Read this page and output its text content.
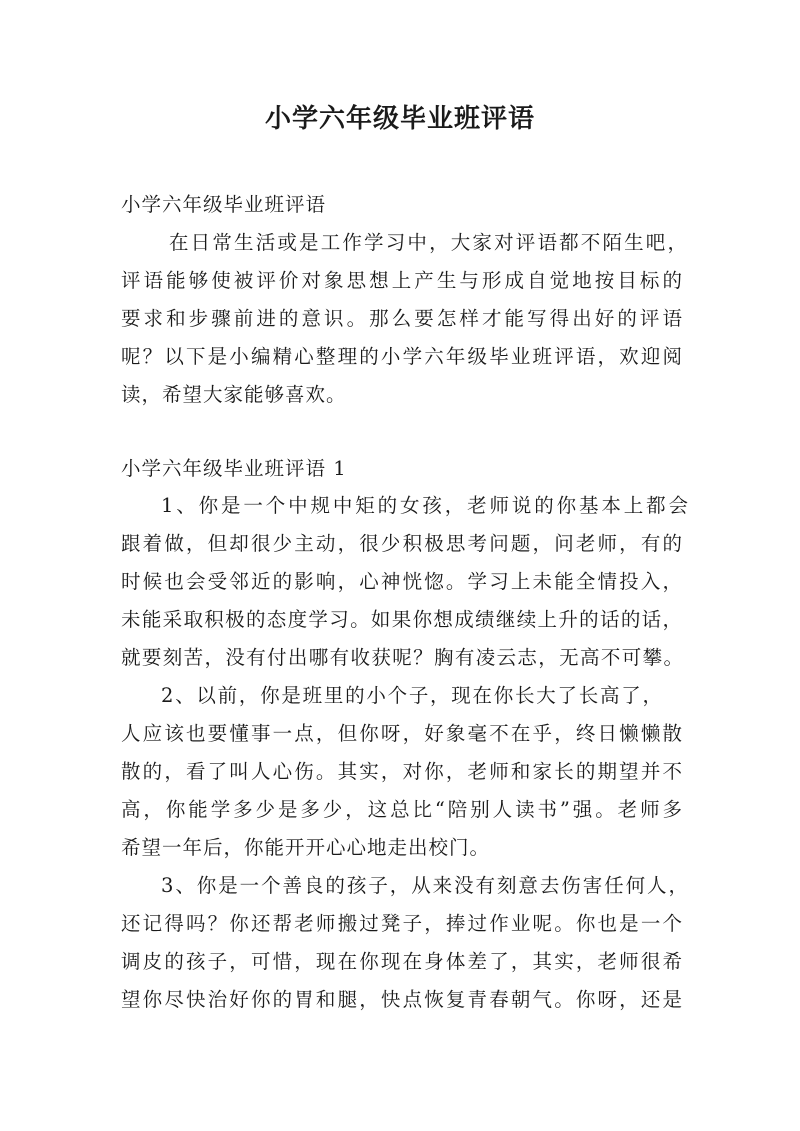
小学六年级毕业班评语
小学六年级毕业班评语
在日常生活或是工作学习中，大家对评语都不陌生吧，
评语能够使被评价对象思想上产生与形成自觉地按目标的
要求和步骤前进的意识。那么要怎样才能写得出好的评语
呢？以下是小编精心整理的小学六年级毕业班评语，欢迎阅
读，希望大家能够喜欢。
小学六年级毕业班评语 1
1、你是一个中规中矩的女孩，老师说的你基本上都会
跟着做，但却很少主动，很少积极思考问题，问老师，有的
时候也会受邻近的影响，心神恍惚。学习上未能全情投入，
未能采取积极的态度学习。如果你想成绩继续上升的话的话，
就要刻苦，没有付出哪有收获呢？胸有凌云志，无高不可攀。
2、以前，你是班里的小个子，现在你长大了长高了，
人应该也要懂事一点，但你呀，好象毫不在乎，终日懒懒散
散的，看了叫人心伤。其实，对你，老师和家长的期望并不
高，你能学多少是多少，这总比“陪别人读书”强。老师多
希望一年后，你能开开心心地走出校门。
3、你是一个善良的孩子，从来没有刻意去伤害任何人，
还记得吗？你还帮老师搬过凳子，捧过作业呢。你也是一个
调皮的孩子，可惜，现在你现在身体差了，其实，老师很希
望你尽快治好你的胃和腿，快点恢复青春朝气。你呀，还是
